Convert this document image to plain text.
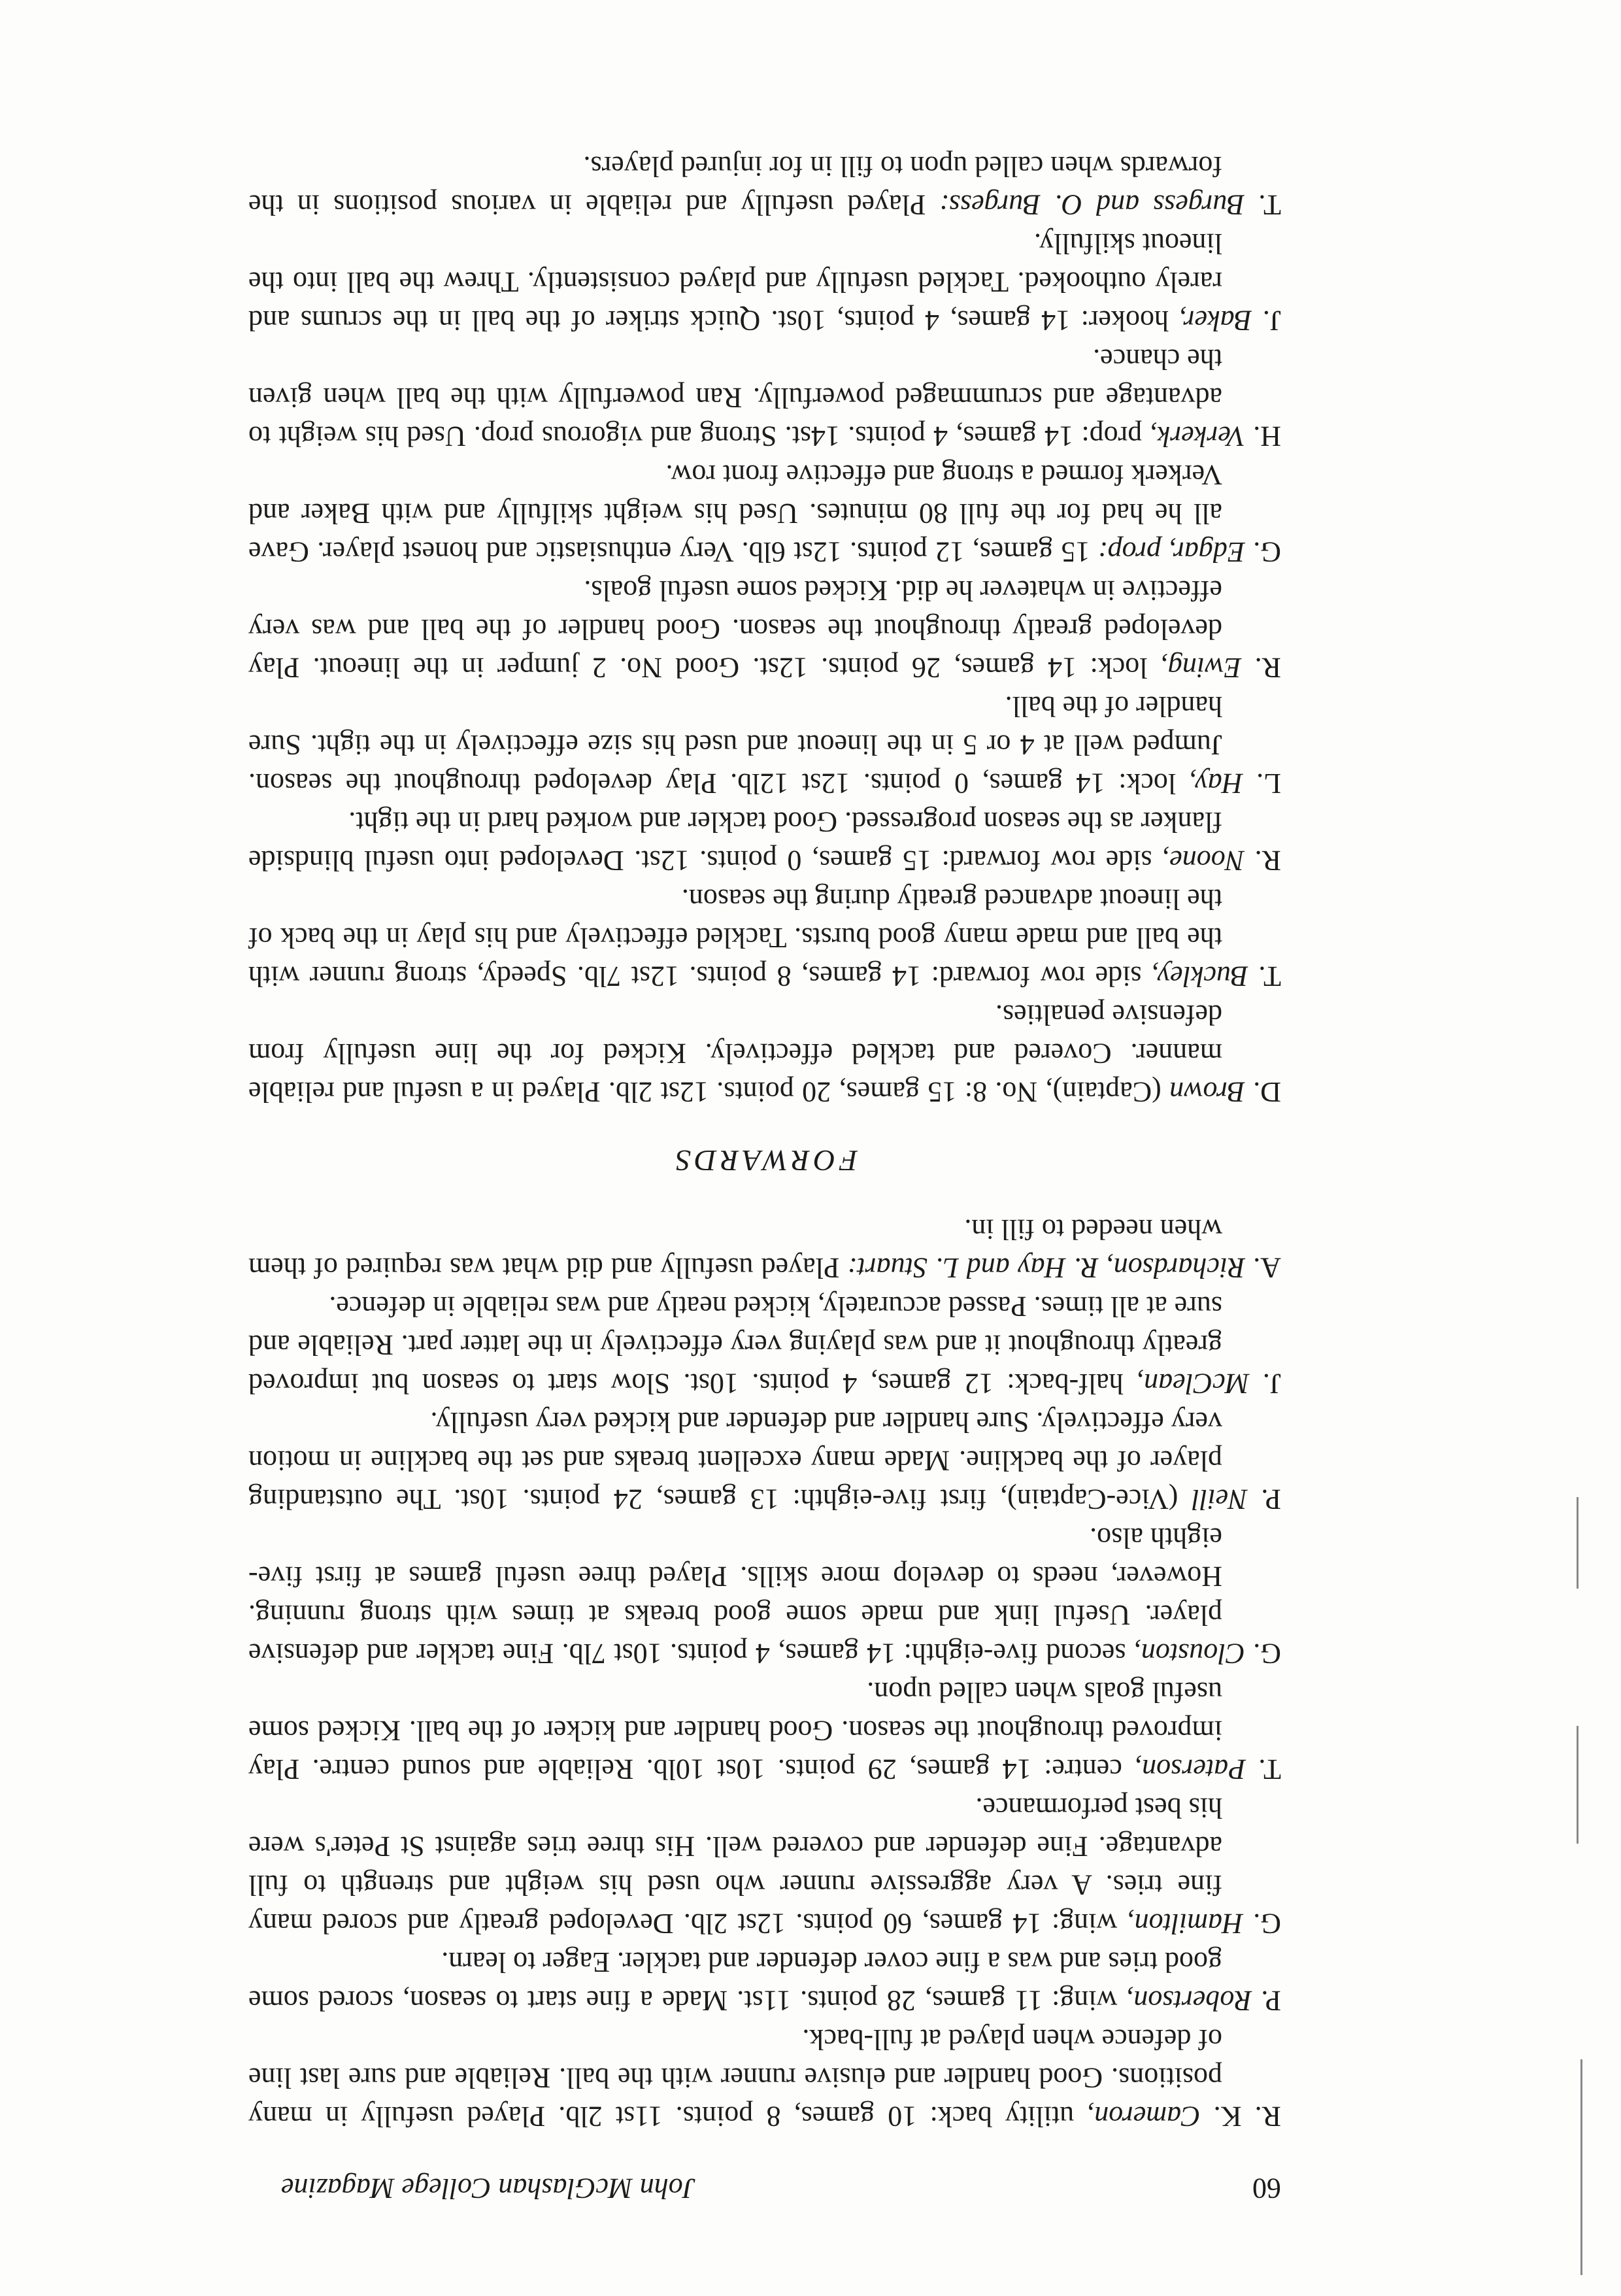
60
John McGlashan College Magazine

R. K. Cameron, utility back: 10 games, 8 points. 11st 2lb. Played usefully in many positions. Good handler and elusive runner with the ball. Reliable and sure last line of defence when played at full-back.

P. Robertson, wing: 11 games, 28 points. 11st. Made a fine start to season, scored some good tries and was a fine cover defender and tackler. Eager to learn.

G. Hamilton, wing: 14 games, 60 points. 12st 2lb. Developed greatly and scored many fine tries. A very aggressive runner who used his weight and strength to full advantage. Fine defender and covered well. His three tries against St Peter's were his best performance.

T. Paterson, centre: 14 games, 29 points. 10st 10lb. Reliable and sound centre. Play improved throughout the season. Good handler and kicker of the ball. Kicked some useful goals when called upon.

G. Clouston, second five-eighth: 14 games, 4 points. 10st 7lb. Fine tackler and defensive player. Useful link and made some good breaks at times with strong running. However, needs to develop more skills. Played three useful games at first five-eighth also.

P. Neill (Vice-Captain), first five-eighth: 13 games, 24 points. 10st. The outstanding player of the backline. Made many excellent breaks and set the backline in motion very effectively. Sure handler and defender and kicked very usefully.

J. McClean, half-back: 12 games, 4 points. 10st. Slow start to season but improved greatly throughout it and was playing very effectively in the latter part. Reliable and sure at all times. Passed accurately, kicked neatly and was reliable in defence.

A. Richardson, R. Hay and L. Stuart: Played usefully and did what was required of them when needed to fill in.

FORWARDS

D. Brown (Captain), No. 8: 15 games, 20 points. 12st 2lb. Played in a useful and reliable manner. Covered and tackled effectively. Kicked for the line usefully from defensive penalties.

T. Buckley, side row forward: 14 games, 8 points. 12st 7lb. Speedy, strong runner with the ball and made many good bursts. Tackled effectively and his play in the back of the lineout advanced greatly during the season.

R. Noone, side row forward: 15 games, 0 points. 12st. Developed into useful blindside flanker as the season progressed. Good tackler and worked hard in the tight.

L. Hay, lock: 14 games, 0 points. 12st 12lb. Play developed throughout the season. Jumped well at 4 or 5 in the lineout and used his size effectively in the tight. Sure handler of the ball.

R. Ewing, lock: 14 games, 26 points. 12st. Good No. 2 jumper in the lineout. Play developed greatly throughout the season. Good handler of the ball and was very effective in whatever he did. Kicked some useful goals.

G. Edgar, prop: 15 games, 12 points. 12st 6lb. Very enthusiastic and honest player. Gave all he had for the full 80 minutes. Used his weight skilfully and with Baker and Verkerk formed a strong and effective front row.

H. Verkerk, prop: 14 games, 4 points. 14st. Strong and vigorous prop. Used his weight to advantage and scrummaged powerfully. Ran powerfully with the ball when given the chance.

J. Baker, hooker: 14 games, 4 points, 10st. Quick striker of the ball in the scrums and rarely outhooked. Tackled usefully and played consistently. Threw the ball into the lineout skilfully.

T. Burgess and O. Burgess: Played usefully and reliable in various positions in the forwards when called upon to fill in for injured players.
